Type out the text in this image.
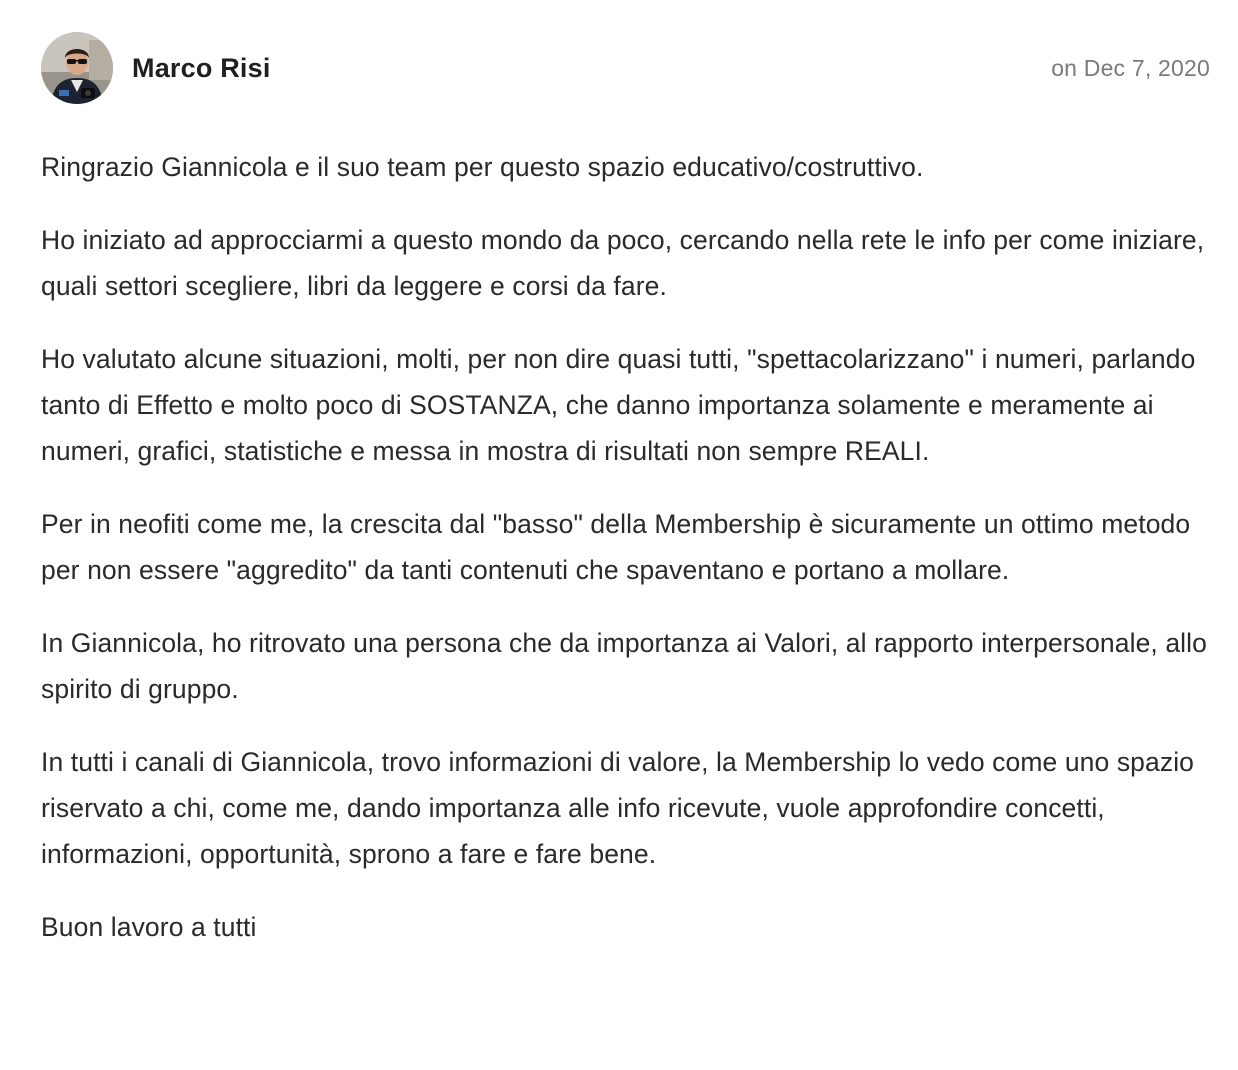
Marco Risi	on Dec 7, 2020

Ringrazio Giannicola e il suo team per questo spazio educativo/costruttivo.

Ho iniziato ad approcciarmi a questo mondo da poco, cercando nella rete le info per come iniziare, quali settori scegliere, libri da leggere e corsi da fare.

Ho valutato alcune situazioni, molti, per non dire quasi tutti, "spettacolarizzano" i numeri, parlando tanto di Effetto e molto poco di SOSTANZA, che danno importanza solamente e meramente ai numeri, grafici, statistiche e messa in mostra di risultati non sempre REALI.

Per in neofiti come me, la crescita dal "basso" della Membership è sicuramente un ottimo metodo per non essere "aggredito" da tanti contenuti che spaventano e portano a mollare.

In Giannicola, ho ritrovato una persona che da importanza ai Valori, al rapporto interpersonale, allo spirito di gruppo.

In tutti i canali di Giannicola, trovo informazioni di valore, la Membership lo vedo come uno spazio riservato a chi, come me, dando importanza alle info ricevute, vuole approfondire concetti, informazioni, opportunità, sprono a fare e fare bene.

Buon lavoro a tutti
